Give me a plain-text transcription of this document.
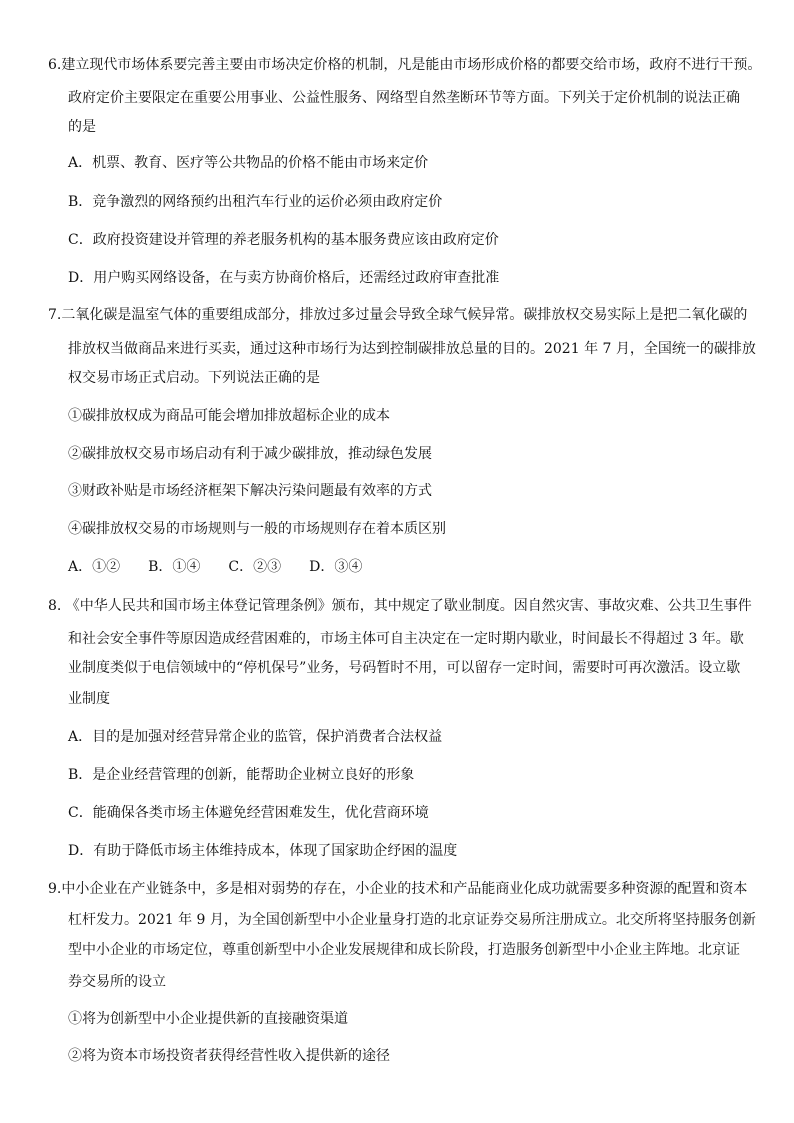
6.建立现代市场体系要完善主要由市场决定价格的机制，凡是能由市场形成价格的都要交给市场，政府不进行干预。
政府定价主要限定在重要公用事业、公益性服务、网络型自然垄断环节等方面。下列关于定价机制的说法正确
的是
A．机票、教育、医疗等公共物品的价格不能由市场来定价
B．竞争激烈的网络预约出租汽车行业的运价必须由政府定价
C．政府投资建设并管理的养老服务机构的基本服务费应该由政府定价
D．用户购买网络设备，在与卖方协商价格后，还需经过政府审查批准
7.二氧化碳是温室气体的重要组成部分，排放过多过量会导致全球气候异常。碳排放权交易实际上是把二氧化碳的
排放权当做商品来进行买卖，通过这种市场行为达到控制碳排放总量的目的。2021 年 7 月，全国统一的碳排放
权交易市场正式启动。下列说法正确的是
①碳排放权成为商品可能会增加排放超标企业的成本
②碳排放权交易市场启动有利于减少碳排放，推动绿色发展
③财政补贴是市场经济框架下解决污染问题最有效率的方式
④碳排放权交易的市场规则与一般的市场规则存在着本质区别
A．①②　　B．①④　　C．②③　　D．③④
8. 《中华人民共和国市场主体登记管理条例》颁布，其中规定了歇业制度。因自然灾害、事故灾难、公共卫生事件
和社会安全事件等原因造成经营困难的，市场主体可自主决定在一定时期内歇业，时间最长不得超过 3 年。歇
业制度类似于电信领域中的“停机保号”业务，号码暂时不用，可以留存一定时间，需要时可再次激活。设立歇
业制度
A．目的是加强对经营异常企业的监管，保护消费者合法权益
B．是企业经营管理的创新，能帮助企业树立良好的形象
C．能确保各类市场主体避免经营困难发生，优化营商环境
D．有助于降低市场主体维持成本，体现了国家助企纾困的温度
9.中小企业在产业链条中，多是相对弱势的存在，小企业的技术和产品能商业化成功就需要多种资源的配置和资本
杠杆发力。2021 年 9 月，为全国创新型中小企业量身打造的北京证券交易所注册成立。北交所将坚持服务创新
型中小企业的市场定位，尊重创新型中小企业发展规律和成长阶段，打造服务创新型中小企业主阵地。北京证
券交易所的设立
①将为创新型中小企业提供新的直接融资渠道
②将为资本市场投资者获得经营性收入提供新的途径
